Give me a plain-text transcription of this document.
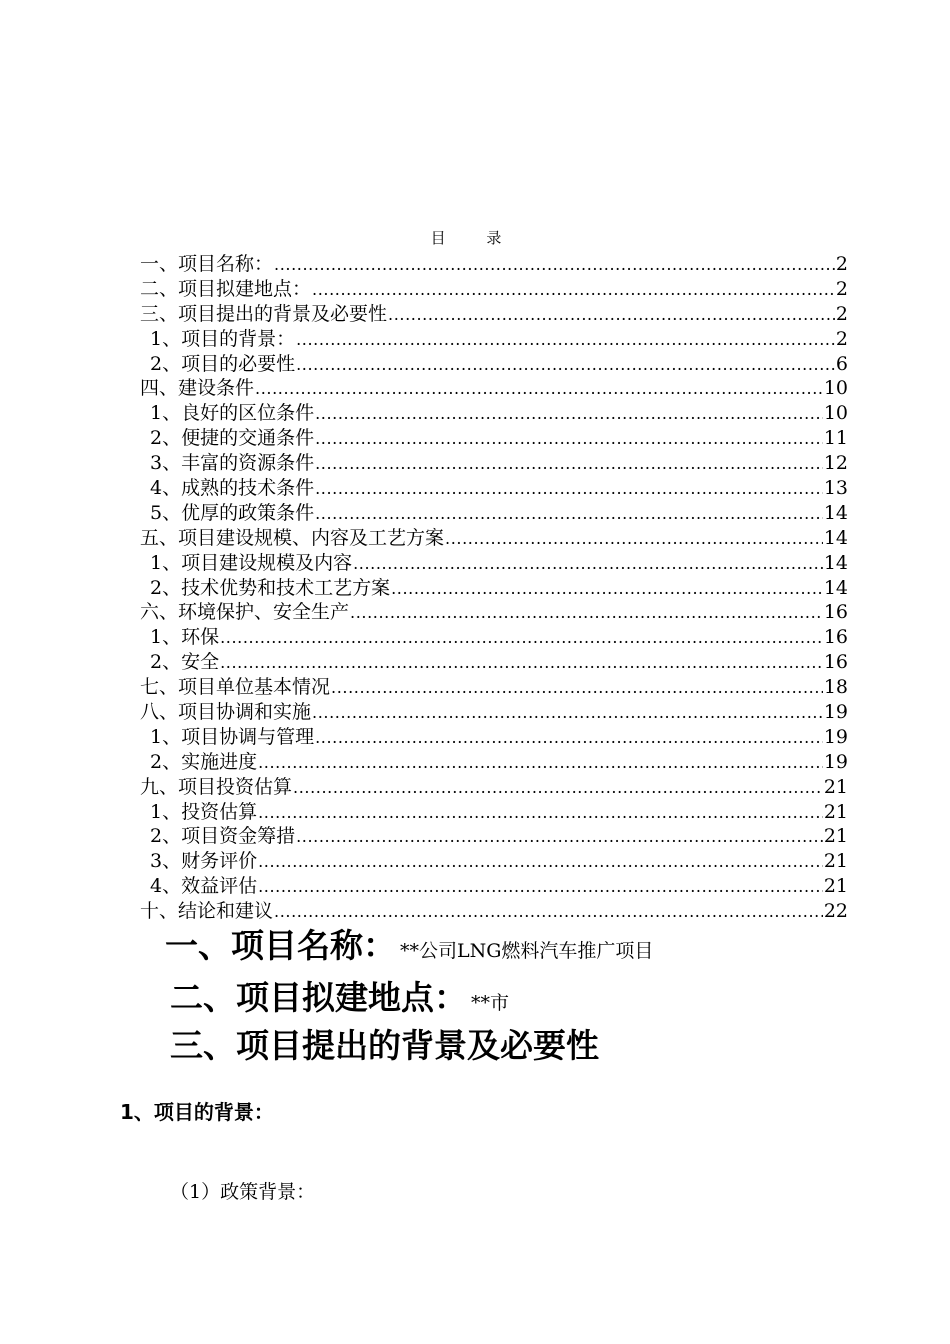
目 录
一、项目名称： .....	2
二、项目拟建地点： .....	2
三、项目提出的背景及必要性 .....	2
1、项目的背景： .....	2
2、项目的必要性 .....	6
四、建设条件 .....	10
1、良好的区位条件 .....	10
2、便捷的交通条件 .....	11
3、丰富的资源条件 .....	12
4、成熟的技术条件 .....	13
5、优厚的政策条件 .....	14
五、项目建设规模、内容及工艺方案 .....	14
1、项目建设规模及内容 .....	14
2、技术优势和技术工艺方案 .....	14
六、环境保护、安全生产 .....	16
1、环保 .....	16
2、安全 .....	16
七、项目单位基本情况 .....	18
八、项目协调和实施 .....	19
1、项目协调与管理 .....	19
2、实施进度 .....	19
九、项目投资估算 .....	21
1、投资估算 .....	21
2、项目资金筹措 .....	21
3、财务评价 .....	21
4、效益评估 .....	21
十、结论和建议 .....	22
一、项目名称： **公司LNG燃料汽车推广项目
二、项目拟建地点： **市
三、项目提出的背景及必要性
1、项目的背景：
（1）政策背景：
